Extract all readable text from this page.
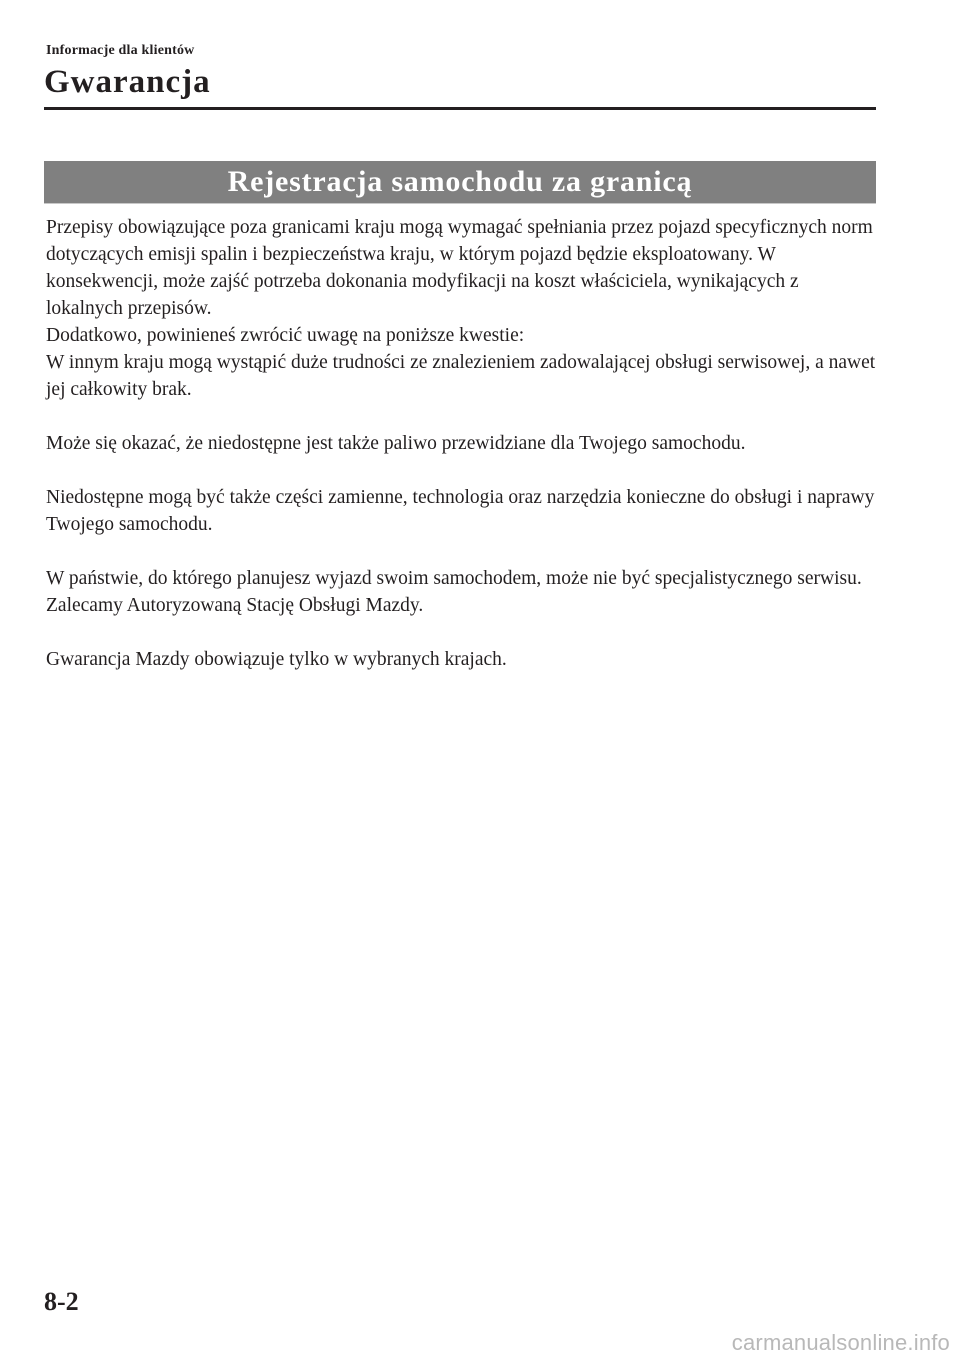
Informacje dla klientów
Gwarancja
Rejestracja samochodu za granicą

Przepisy obowiązujące poza granicami kraju mogą wymagać spełniania przez pojazd specyficznych norm dotyczących emisji spalin i bezpieczeństwa kraju, w którym pojazd będzie eksploatowany. W konsekwencji, może zajść potrzeba dokonania modyfikacji na koszt właściciela, wynikających z lokalnych przepisów.

Dodatkowo, powinieneś zwrócić uwagę na poniższe kwestie:

W innym kraju mogą wystąpić duże trudności ze znalezieniem zadowalającej obsługi serwisowej, a nawet jej całkowity brak.

Może się okazać, że niedostępne jest także paliwo przewidziane dla Twojego samochodu.

Niedostępne mogą być także części zamienne, technologia oraz narzędzia konieczne do obsługi i naprawy Twojego samochodu.

W państwie, do którego planujesz wyjazd swoim samochodem, może nie być specjalistycznego serwisu. Zalecamy Autoryzowaną Stację Obsługi Mazdy.

Gwarancja Mazdy obowiązuje tylko w wybranych krajach.

8-2
carmanualsonline.info
